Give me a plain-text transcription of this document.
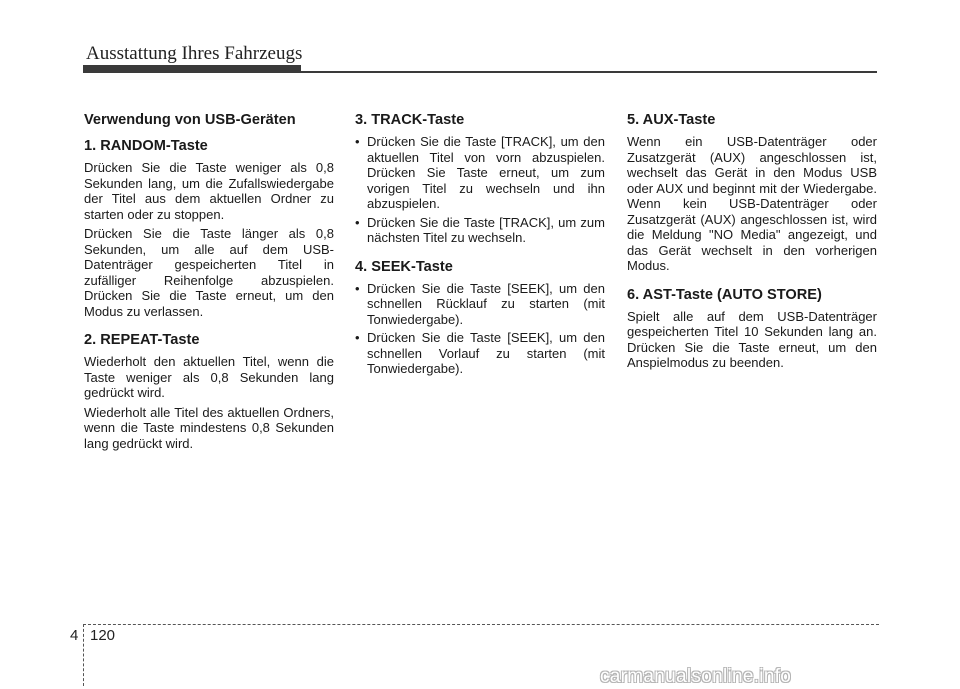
Ausstattung Ihres Fahrzeugs
Verwendung von USB-Geräten
1. RANDOM-Taste

Drücken Sie die Taste weniger als 0,8 Sekunden lang, um die Zufallswiedergabe der Titel aus dem aktuellen Ordner zu starten oder zu stoppen.

Drücken Sie die Taste länger als 0,8 Sekunden, um alle auf dem USB-Datenträger gespeicherten Titel in zufälliger Reihenfolge abzuspielen. Drücken Sie die Taste erneut, um den Modus zu verlassen.

2. REPEAT-Taste

Wiederholt den aktuellen Titel, wenn die Taste weniger als 0,8 Sekunden lang gedrückt wird.

Wiederholt alle Titel des aktuellen Ordners, wenn die Taste mindestens 0,8 Sekunden lang gedrückt wird.

3. TRACK-Taste
• Drücken Sie die Taste [TRACK], um den aktuellen Titel von vorn abzuspielen. Drücken Sie Taste erneut, um zum vorigen Titel zu wechseln und ihn abzuspielen.
• Drücken Sie die Taste [TRACK], um zum nächsten Titel zu wechseln.
4. SEEK-Taste
• Drücken Sie die Taste [SEEK], um den schnellen Rücklauf zu starten (mit Tonwiedergabe).
• Drücken Sie die Taste [SEEK], um den schnellen Vorlauf zu starten (mit Tonwiedergabe).
5. AUX-Taste

Wenn ein USB-Datenträger oder Zusatzgerät (AUX) angeschlossen ist, wechselt das Gerät in den Modus USB oder AUX und beginnt mit der Wiedergabe. Wenn kein USB-Datenträger oder Zusatzgerät (AUX) angeschlossen ist, wird die Meldung "NO Media" angezeigt, und das Gerät wechselt in den vorherigen Modus.

6. AST-Taste (AUTO STORE)

Spielt alle auf dem USB-Datenträger gespeicherten Titel 10 Sekunden lang an. Drücken Sie die Taste erneut, um den Anspielmodus zu beenden.

4 120
carmanualsonline.info
